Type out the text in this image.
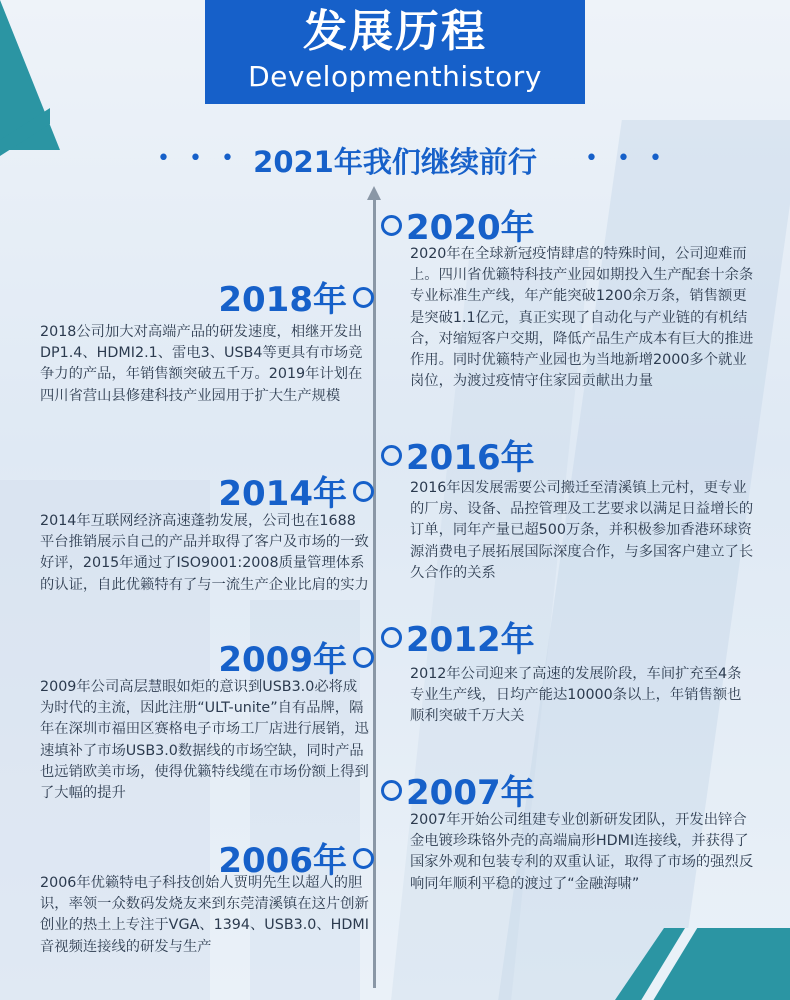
发展历程
Developmenthistory
2021年我们继续前行
• • •	• • •
2020年
2020年在全球新冠疫情肆虐的特殊时间，公司迎难而上。四川省优籁特科技产业园如期投入生产配套十余条专业标准生产线，年产能突破1200余万条，销售额更是突破1.1亿元，真正实现了自动化与产业链的有机结合，对缩短客户交期，降低产品生产成本有巨大的推进作用。同时优籁特产业园也为当地新增2000多个就业岗位，为渡过疫情守住家园贡献出力量
2018年
2018公司加大对高端产品的研发速度，相继开发出DP1.4、HDMI2.1、雷电3、USB4等更具有市场竞争力的产品，年销售额突破五千万。2019年计划在四川省营山县修建科技产业园用于扩大生产规模
2016年
2016年因发展需要公司搬迁至清溪镇上元村，更专业的厂房、设备、品控管理及工艺要求以满足日益增长的订单，同年产量已超500万条，并积极参加香港环球资源消费电子展拓展国际深度合作，与多国客户建立了长久合作的关系
2014年
2014年互联网经济高速蓬勃发展，公司也在1688平台推销展示自己的产品并取得了客户及市场的一致好评，2015年通过了ISO9001:2008质量管理体系的认证，自此优籁特有了与一流生产企业比肩的实力
2012年
2012年公司迎来了高速的发展阶段，车间扩充至4条专业生产线，日均产能达10000条以上，年销售额也顺利突破千万大关
2009年
2009年公司高层慧眼如炬的意识到USB3.0必将成为时代的主流，因此注册“ULT-unite”自有品牌，隔年在深圳市福田区赛格电子市场工厂店进行展销，迅速填补了市场USB3.0数据线的市场空缺，同时产品也远销欧美市场，使得优籁特线缆在市场份额上得到了大幅的提升	2007年
2007年开始公司组建专业创新研发团队，开发出锌合金电镀珍珠铬外壳的高端扁形HDMI连接线，并获得了国家外观和包装专利的双重认证，取得了市场的强烈反响同年顺利平稳的渡过了“金融海啸”
2006年
2006年优籁特电子科技创始人贾明先生以超人的胆识，率领一众数码发烧友来到东莞清溪镇在这片创新创业的热土上专注于VGA、1394、USB3.0、HDMI音视频连接线的研发与生产
